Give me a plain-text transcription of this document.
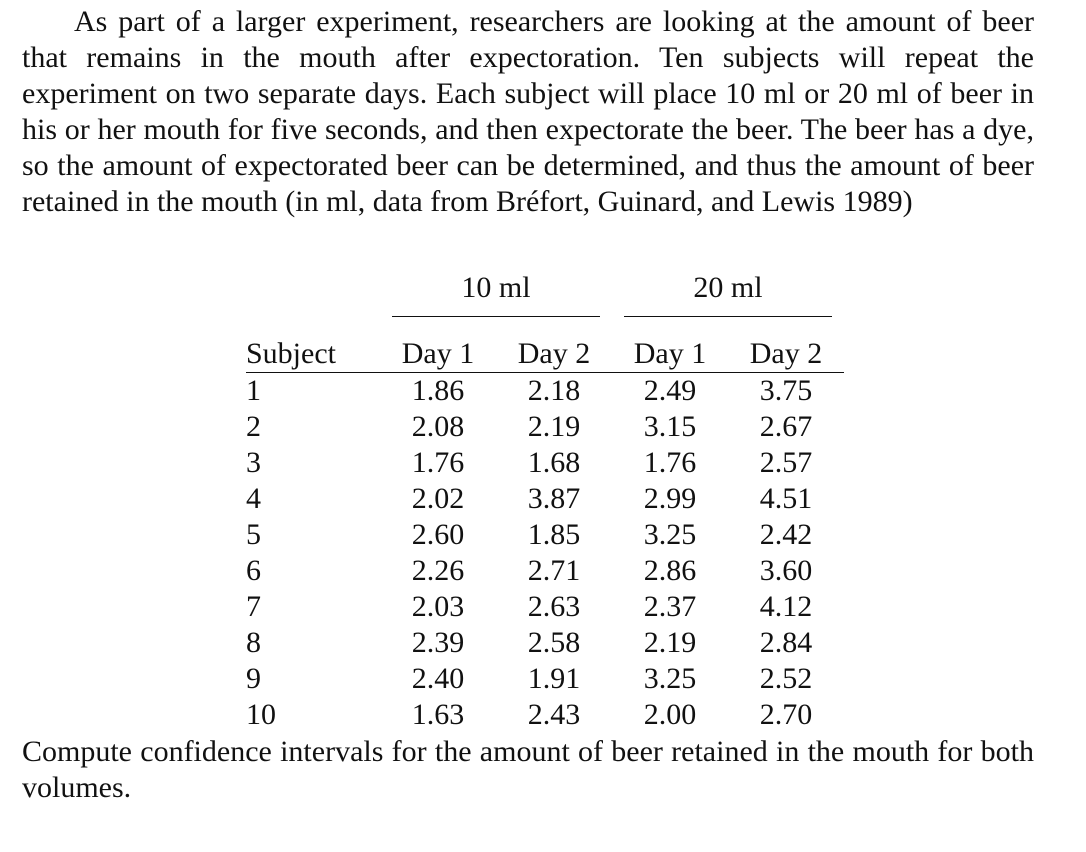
As part of a larger experiment, researchers are looking at the amount of beer that remains in the mouth after expectoration. Ten subjects will repeat the experiment on two separate days. Each subject will place 10 ml or 20 ml of beer in his or her mouth for five seconds, and then expectorate the beer. The beer has a dye, so the amount of expectorated beer can be determined, and thus the amount of beer retained in the mouth (in ml, data from Bréfort, Guinard, and Lewis 1989)

	10 ml		20 ml	

Subject	Day 1	Day 2	Day 1	Day 2
1	1.86	2.18	2.49	3.75
2	2.08	2.19	3.15	2.67
3	1.76	1.68	1.76	2.57
4	2.02	3.87	2.99	4.51
5	2.60	1.85	3.25	2.42
6	2.26	2.71	2.86	3.60
7	2.03	2.63	2.37	4.12
8	2.39	2.58	2.19	2.84
9	2.40	1.91	3.25	2.52
10	1.63	2.43	2.00	2.70

Compute confidence intervals for the amount of beer retained in the mouth for both volumes.
